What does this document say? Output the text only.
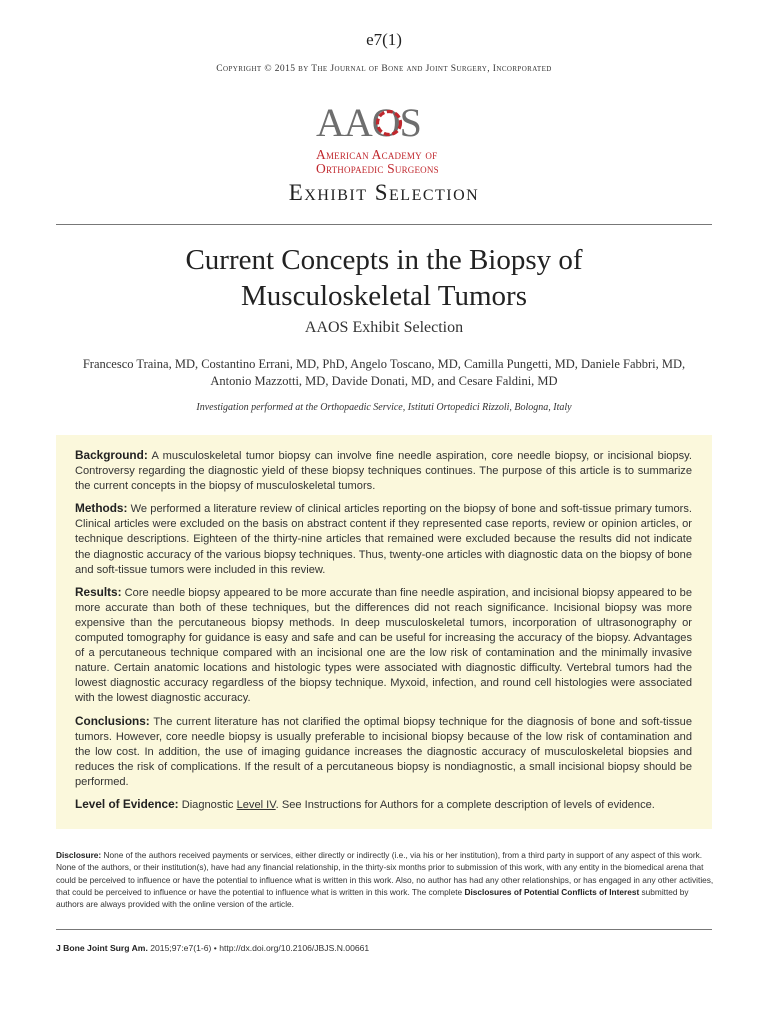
e7(1)
Copyright © 2015 by The Journal of Bone and Joint Surgery, Incorporated
AAOS
American Academy of
Orthopaedic Surgeons
Exhibit Selection
Current Concepts in the Biopsy of
Musculoskeletal Tumors
AAOS Exhibit Selection
Francesco Traina, MD, Costantino Errani, MD, PhD, Angelo Toscano, MD, Camilla Pungetti, MD, Daniele Fabbri, MD,
Antonio Mazzotti, MD, Davide Donati, MD, and Cesare Faldini, MD
Investigation performed at the Orthopaedic Service, Istituti Ortopedici Rizzoli, Bologna, Italy

Background: A musculoskeletal tumor biopsy can involve fine needle aspiration, core needle biopsy, or incisional biopsy. Controversy regarding the diagnostic yield of these biopsy techniques continues. The purpose of this article is to summarize the current concepts in the biopsy of musculoskeletal tumors.

Methods: We performed a literature review of clinical articles reporting on the biopsy of bone and soft-tissue primary tumors. Clinical articles were excluded on the basis on abstract content if they represented case reports, review or opinion articles, or technique descriptions. Eighteen of the thirty-nine articles that remained were excluded because the results did not indicate the diagnostic accuracy of the various biopsy techniques. Thus, twenty-one articles with diagnostic data on the biopsy of bone and soft-tissue tumors were included in this review.

Results: Core needle biopsy appeared to be more accurate than fine needle aspiration, and incisional biopsy appeared to be more accurate than both of these techniques, but the differences did not reach significance. Incisional biopsy was more expensive than the percutaneous biopsy methods. In deep musculoskeletal tumors, incorporation of ultrasonography or computed tomography for guidance is easy and safe and can be useful for increasing the accuracy of the biopsy. Advantages of a percutaneous technique compared with an incisional one are the low risk of contamination and the minimally invasive nature. Certain anatomic locations and histologic types were associated with diagnostic difficulty. Vertebral tumors had the lowest diagnostic accuracy regardless of the biopsy technique. Myxoid, infection, and round cell histologies were associated with the lowest diagnostic accuracy.

Conclusions: The current literature has not clarified the optimal biopsy technique for the diagnosis of bone and soft-tissue tumors. However, core needle biopsy is usually preferable to incisional biopsy because of the low risk of contamination and the low cost. In addition, the use of imaging guidance increases the diagnostic accuracy of musculoskeletal biopsies and reduces the risk of complications. If the result of a percutaneous biopsy is nondiagnostic, a small incisional biopsy should be performed.

Level of Evidence: Diagnostic Level IV. See Instructions for Authors for a complete description of levels of evidence.

Disclosure: None of the authors received payments or services, either directly or indirectly (i.e., via his or her institution), from a third party in support of any aspect of this work. None of the authors, or their institution(s), have had any financial relationship, in the thirty-six months prior to submission of this work, with any entity in the biomedical arena that could be perceived to influence or have the potential to influence what is written in this work. Also, no author has had any other relationships, or has engaged in any other activities, that could be perceived to influence or have the potential to influence what is written in this work. The complete Disclosures of Potential Conflicts of Interest submitted by authors are always provided with the online version of the article.
J Bone Joint Surg Am. 2015;97:e7(1-6) • http://dx.doi.org/10.2106/JBJS.N.00661
